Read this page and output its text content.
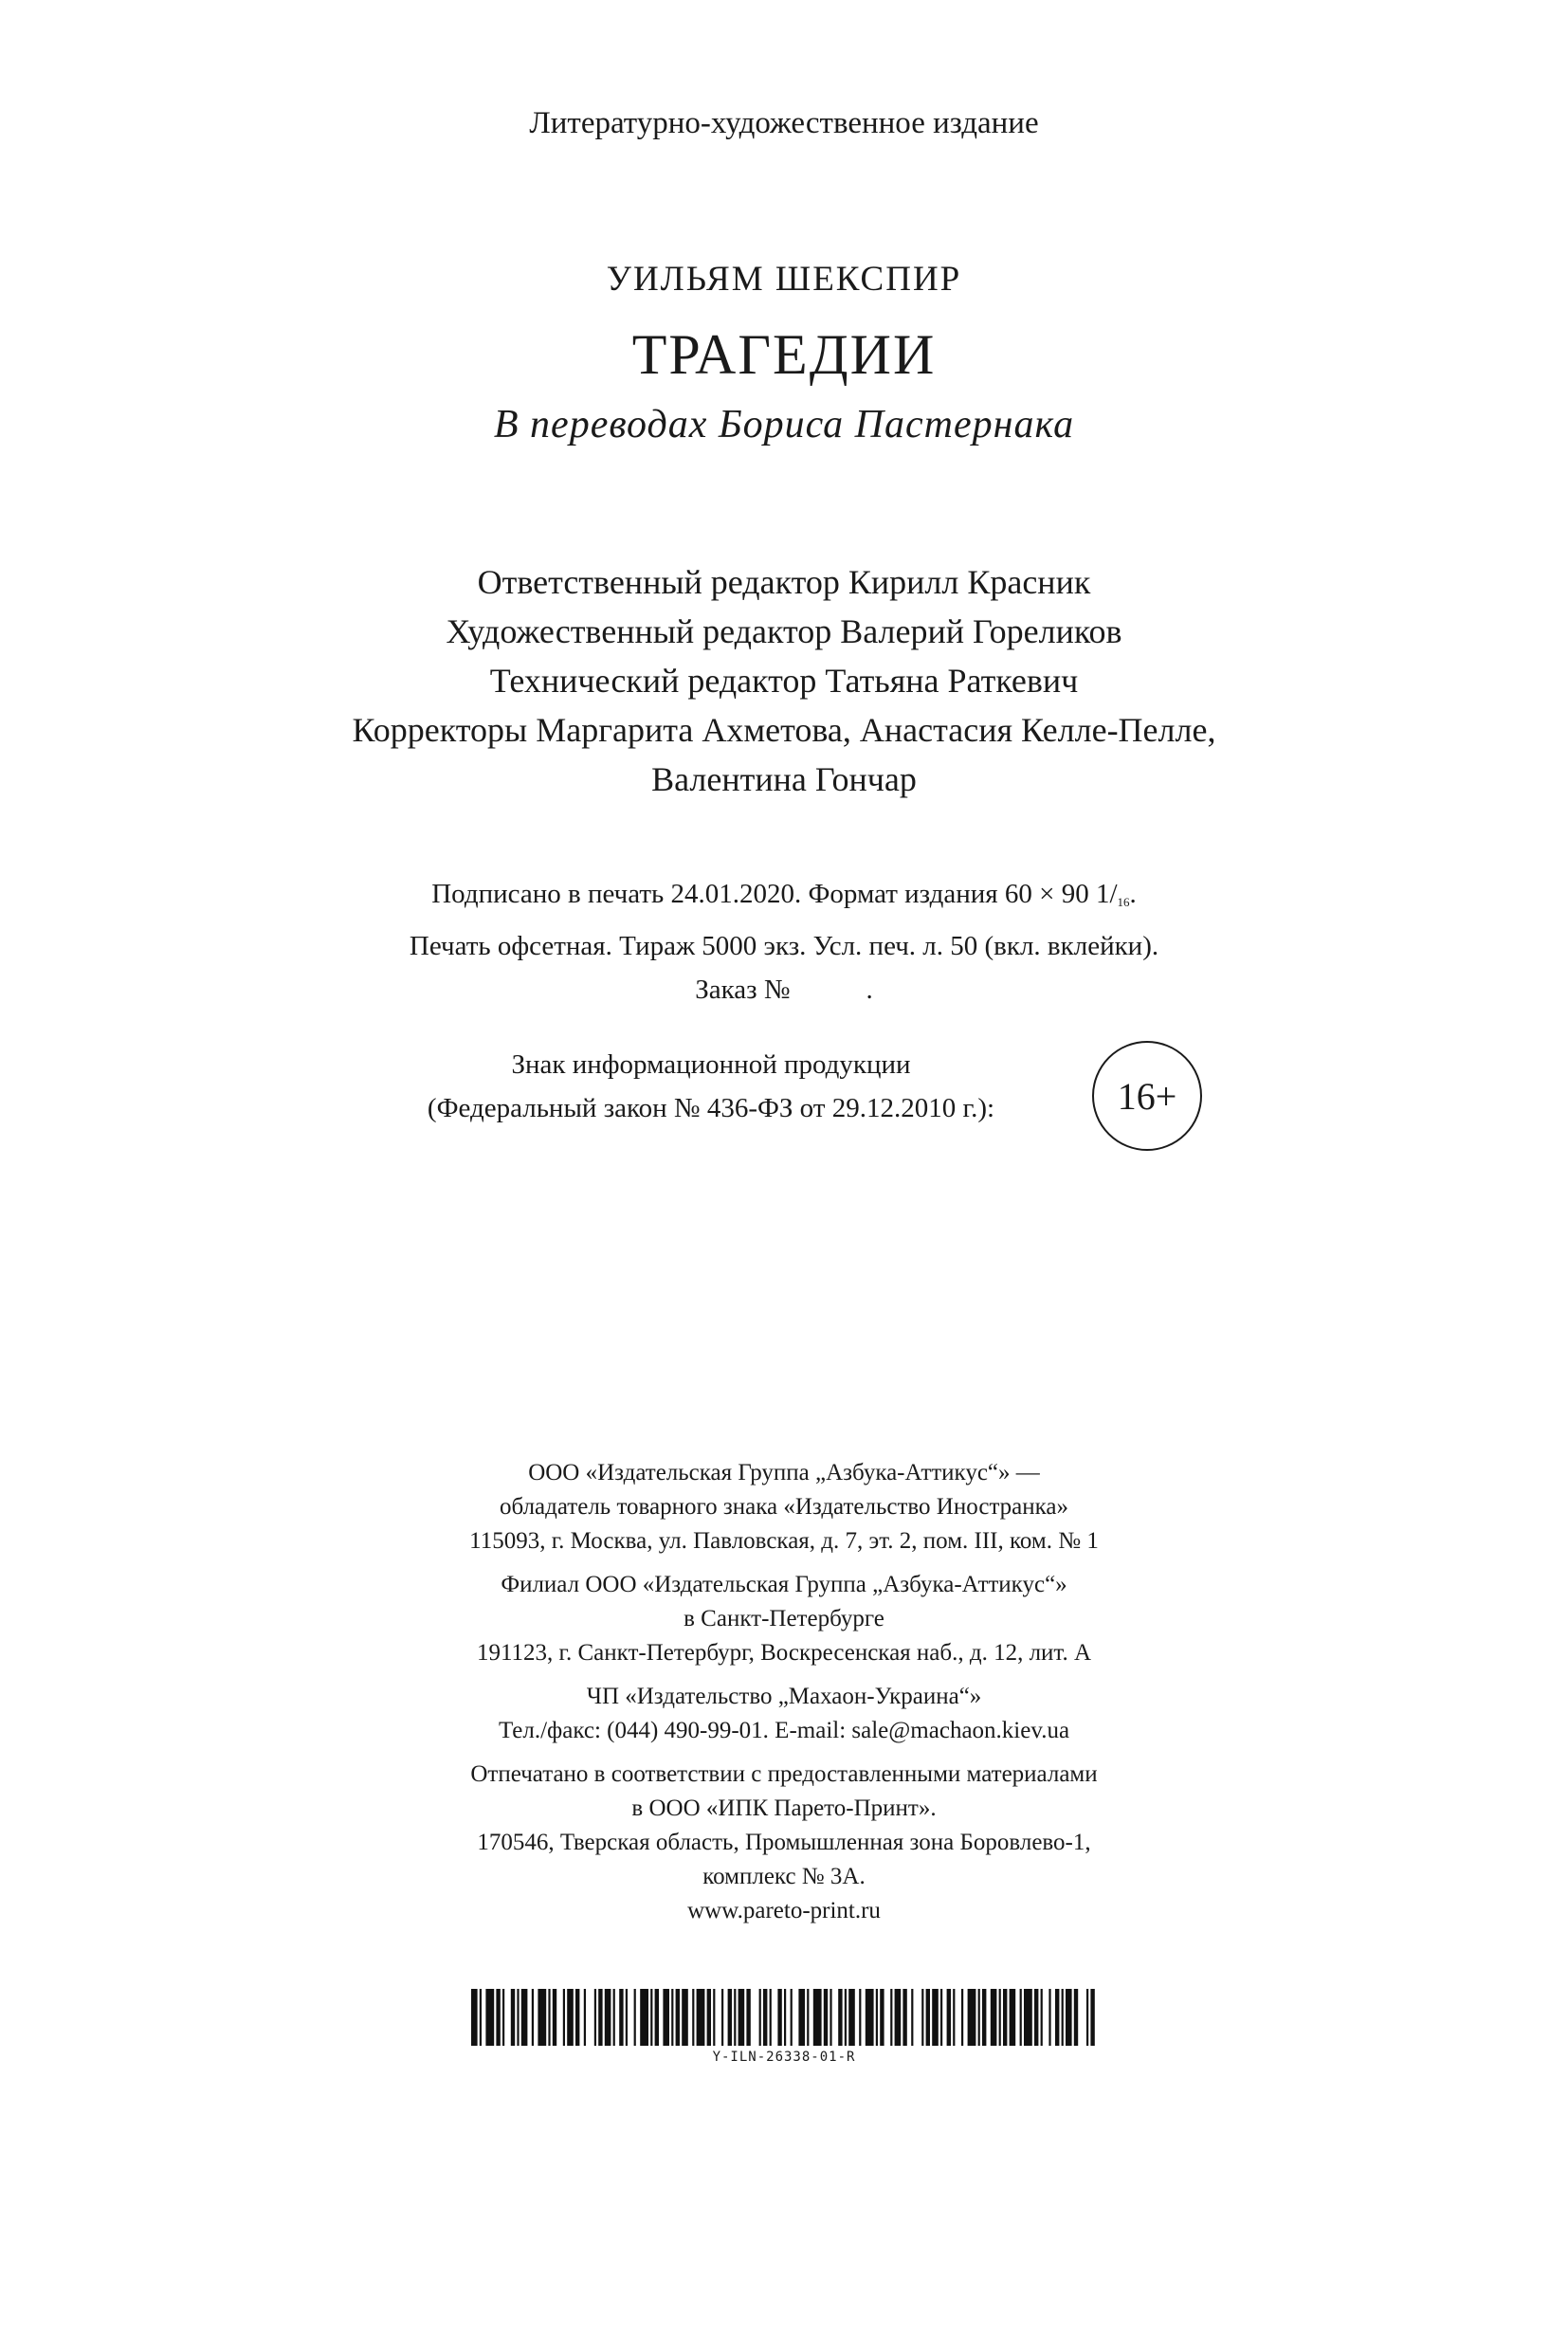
Литературно-художественное издание
УИЛЬЯМ ШЕКСПИР
ТРАГЕДИИ
В переводах Бориса Пастернака
Ответственный редактор Кирилл Красник
Художественный редактор Валерий Гореликов
Технический редактор Татьяна Раткевич
Корректоры Маргарита Ахметова, Анастасия Келле-Пелле,
Валентина Гончар
Подписано в печать 24.01.2020. Формат издания 60 × 90 $1/_{16}$.
Печать офсетная. Тираж 5000 экз. Усл. печ. л. 50 (вкл. вклейки).
Заказ №	.
Знак информационной продукции
(Федеральный закон № 436-ФЗ от 29.12.2010 г.):	16+
ООО «Издательская Группа „Азбука-Аттикус“» —
обладатель товарного знака «Издательство Иностранка»
115093, г. Москва, ул. Павловская, д. 7, эт. 2, пом. III, ком. № 1
Филиал ООО «Издательская Группа „Азбука-Аттикус“»
в Санкт-Петербурге
191123, г. Санкт-Петербург, Воскресенская наб., д. 12, лит. А
ЧП «Издательство „Махаон-Украина“»
Тел./факс: (044) 490-99-01. E-mail: sale@machaon.kiev.ua
Отпечатано в соответствии с предоставленными материалами
в ООО «ИПК Парето-Принт».
170546, Тверская область, Промышленная зона Боровлево-1,
комплекс № 3А.
www.pareto-print.ru
Y-ILN-26338-01-R
